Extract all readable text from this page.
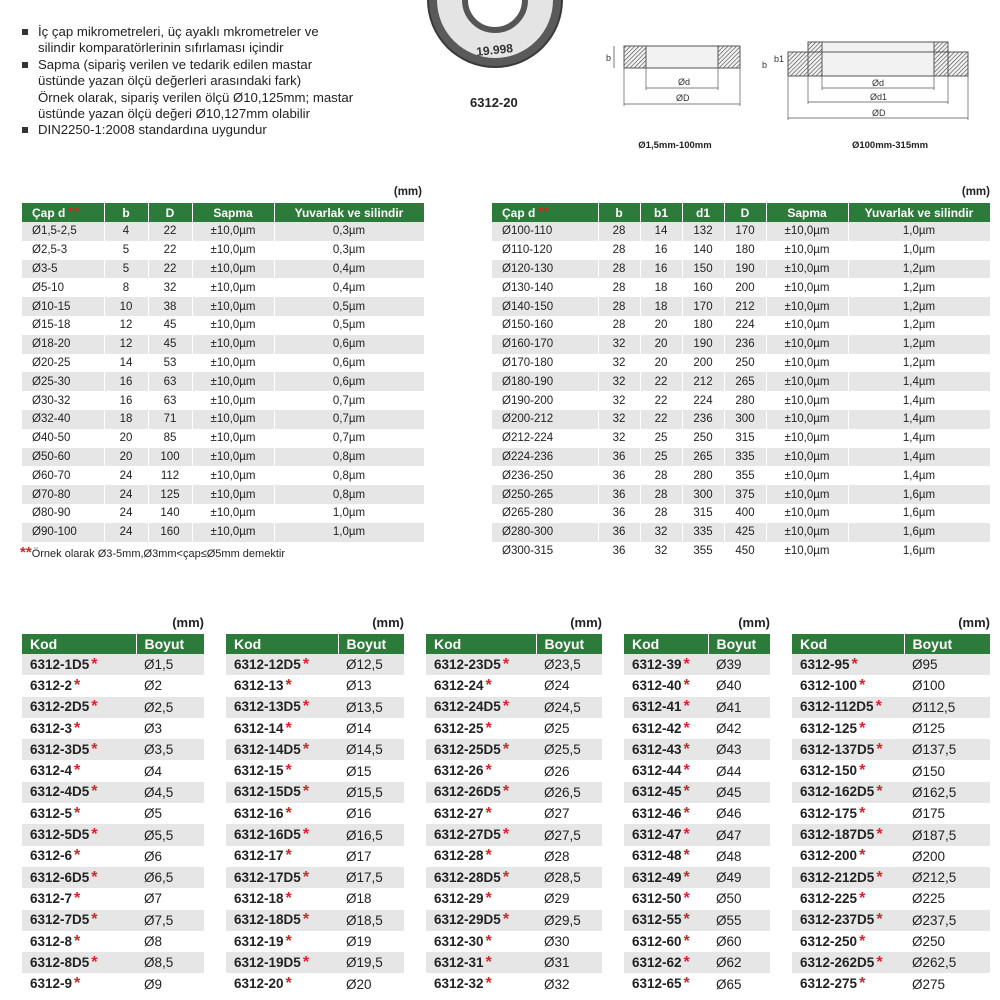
İç çap mikrometreleri, üç ayaklı mkrometreler ve
silindir komparatörlerinin sıfırlaması içindir
Sapma (sipariş verilen ve tedarik edilen mastar
üstünde yazan ölçü değerleri arasındaki fark)
Örnek olarak, sipariş verilen ölçü Ø10,125mm; mastar
üstünde yazan ölçü değeri Ø10,127mm olabilir
DIN2250-1:2008 standardına uygundur
19.998
6312-20
b
Ød
ØD
Ø1,5mm-100mm
b
b1
Ød
Ød1
ØD
Ø100mm-315mm
(mm)	(mm)
Çap d **	b	D	Sapma	Yuvarlak ve silindir
Ø1,5-2,5	4	22	±10,0µm	0,3µm
Ø2,5-3	5	22	±10,0µm	0,3µm
Ø3-5	5	22	±10,0µm	0,4µm
Ø5-10	8	32	±10,0µm	0,4µm
Ø10-15	10	38	±10,0µm	0,5µm
Ø15-18	12	45	±10,0µm	0,5µm
Ø18-20	12	45	±10,0µm	0,6µm
Ø20-25	14	53	±10,0µm	0,6µm
Ø25-30	16	63	±10,0µm	0,6µm
Ø30-32	16	63	±10,0µm	0,7µm
Ø32-40	18	71	±10,0µm	0,7µm
Ø40-50	20	85	±10,0µm	0,7µm
Ø50-60	20	100	±10,0µm	0,8µm
Ø60-70	24	112	±10,0µm	0,8µm
Ø70-80	24	125	±10,0µm	0,8µm
Ø80-90	24	140	±10,0µm	1,0µm
Ø90-100	24	160	±10,0µm	1,0µm
Çap d **	b	b1	d1	D	Sapma	Yuvarlak ve silindir
Ø100-110	28	14	132	170	±10,0µm	1,0µm
Ø110-120	28	16	140	180	±10,0µm	1,0µm
Ø120-130	28	16	150	190	±10,0µm	1,2µm
Ø130-140	28	18	160	200	±10,0µm	1,2µm
Ø140-150	28	18	170	212	±10,0µm	1,2µm
Ø150-160	28	20	180	224	±10,0µm	1,2µm
Ø160-170	32	20	190	236	±10,0µm	1,2µm
Ø170-180	32	20	200	250	±10,0µm	1,2µm
Ø180-190	32	22	212	265	±10,0µm	1,4µm
Ø190-200	32	22	224	280	±10,0µm	1,4µm
Ø200-212	32	22	236	300	±10,0µm	1,4µm
Ø212-224	32	25	250	315	±10,0µm	1,4µm
Ø224-236	36	25	265	335	±10,0µm	1,4µm
Ø236-250	36	28	280	355	±10,0µm	1,4µm
Ø250-265	36	28	300	375	±10,0µm	1,6µm
Ø265-280	36	28	315	400	±10,0µm	1,6µm
Ø280-300	36	32	335	425	±10,0µm	1,6µm
Ø300-315	36	32	355	450	±10,0µm	1,6µm
**Örnek olarak Ø3-5mm,Ø3mm<çap≤Ø5mm demektir
(mm)
Kod	Boyut
6312-1D5 *	Ø1,5
6312-2 *	Ø2
6312-2D5 *	Ø2,5
6312-3 *	Ø3
6312-3D5 *	Ø3,5
6312-4 *	Ø4
6312-4D5 *	Ø4,5
6312-5 *	Ø5
6312-5D5 *	Ø5,5
6312-6 *	Ø6
6312-6D5 *	Ø6,5
6312-7 *	Ø7
6312-7D5 *	Ø7,5
6312-8 *	Ø8
6312-8D5 *	Ø8,5
6312-9 *	Ø9
(mm)
Kod	Boyut
6312-12D5 *	Ø12,5
6312-13 *	Ø13
6312-13D5 *	Ø13,5
6312-14 *	Ø14
6312-14D5 *	Ø14,5
6312-15 *	Ø15
6312-15D5 *	Ø15,5
6312-16 *	Ø16
6312-16D5 *	Ø16,5
6312-17 *	Ø17
6312-17D5 *	Ø17,5
6312-18 *	Ø18
6312-18D5 *	Ø18,5
6312-19 *	Ø19
6312-19D5 *	Ø19,5
6312-20 *	Ø20
(mm)
Kod	Boyut
6312-23D5 *	Ø23,5
6312-24 *	Ø24
6312-24D5 *	Ø24,5
6312-25 *	Ø25
6312-25D5 *	Ø25,5
6312-26 *	Ø26
6312-26D5 *	Ø26,5
6312-27 *	Ø27
6312-27D5 *	Ø27,5
6312-28 *	Ø28
6312-28D5 *	Ø28,5
6312-29 *	Ø29
6312-29D5 *	Ø29,5
6312-30 *	Ø30
6312-31 *	Ø31
6312-32 *	Ø32
(mm)
Kod	Boyut
6312-39 *	Ø39
6312-40 *	Ø40
6312-41 *	Ø41
6312-42 *	Ø42
6312-43 *	Ø43
6312-44 *	Ø44
6312-45 *	Ø45
6312-46 *	Ø46
6312-47 *	Ø47
6312-48 *	Ø48
6312-49 *	Ø49
6312-50 *	Ø50
6312-55 *	Ø55
6312-60 *	Ø60
6312-62 *	Ø62
6312-65 *	Ø65
(mm)
Kod	Boyut
6312-95 *	Ø95
6312-100 *	Ø100
6312-112D5 *	Ø112,5
6312-125 *	Ø125
6312-137D5 *	Ø137,5
6312-150 *	Ø150
6312-162D5 *	Ø162,5
6312-175 *	Ø175
6312-187D5 *	Ø187,5
6312-200 *	Ø200
6312-212D5 *	Ø212,5
6312-225 *	Ø225
6312-237D5 *	Ø237,5
6312-250 *	Ø250
6312-262D5 *	Ø262,5
6312-275 *	Ø275
